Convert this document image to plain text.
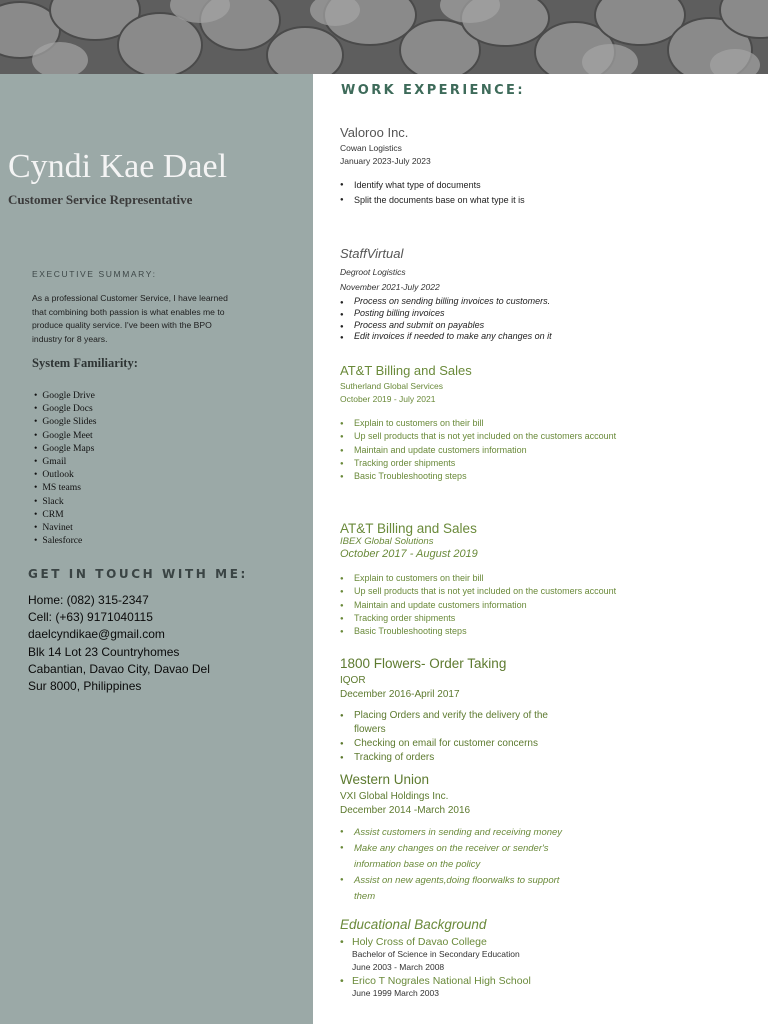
Cyndi Kae Dael
Customer Service Representative
EXECUTIVE SUMMARY:
As a professional Customer Service, I have learned that combining both passion is what enables me to produce quality service. I've been with the BPO industry for 8 years.
System Familiarity:
• Google Drive
• Google Docs
• Google Slides
• Google Meet
• Google Maps
• Gmail
• Outlook
• MS teams
• Slack
• CRM
• Navinet
• Salesforce
GET IN TOUCH WITH ME:
Home: (082) 315-2347
Cell: (+63) 9171040115
daelcyndikae@gmail.com
Blk 14 Lot 23 Countryhomes
Cabantian, Davao City, Davao Del
Sur 8000, Philippines
WORK EXPERIENCE:
Valoroo Inc.
Cowan Logistics
January 2023-July 2023
● Identify what type of documents
● Split the documents base on what type it is
StaffVirtual
Degroot Logistics
November 2021-July 2022
● Process on sending billing invoices to customers.
● Posting billing invoices
● Process and submit on payables
● Edit invoices if needed to make any changes on it
AT&T Billing and Sales
Sutherland Global Services
October 2019 - July 2021
● Explain to customers on their bill
● Up sell products that is not yet included on the customers account
● Maintain and update customers information
● Tracking order shipments
● Basic Troubleshooting steps
AT&T Billing and Sales
IBEX Global Solutions
October 2017 - August 2019
● Explain to customers on their bill
● Up sell products that is not yet included on the customers account
● Maintain and update customers information
● Tracking order shipments
● Basic Troubleshooting steps
1800 Flowers- Order Taking
IQOR
December 2016-April 2017
● Placing Orders and verify the delivery of the flowers
● Checking on email for customer concerns
● Tracking of orders
Western Union
VXI Global Holdings Inc.
December 2014 -March 2016
● Assist customers in sending and receiving money
● Make any changes on the receiver or sender's information base on the policy
● Assist on new agents,doing floorwalks to support them
Educational Background
• Holy Cross of Davao College
Bachelor of Science in Secondary Education
June 2003 - March 2008
• Erico T Nograles National High School
June 1999 March 2003
